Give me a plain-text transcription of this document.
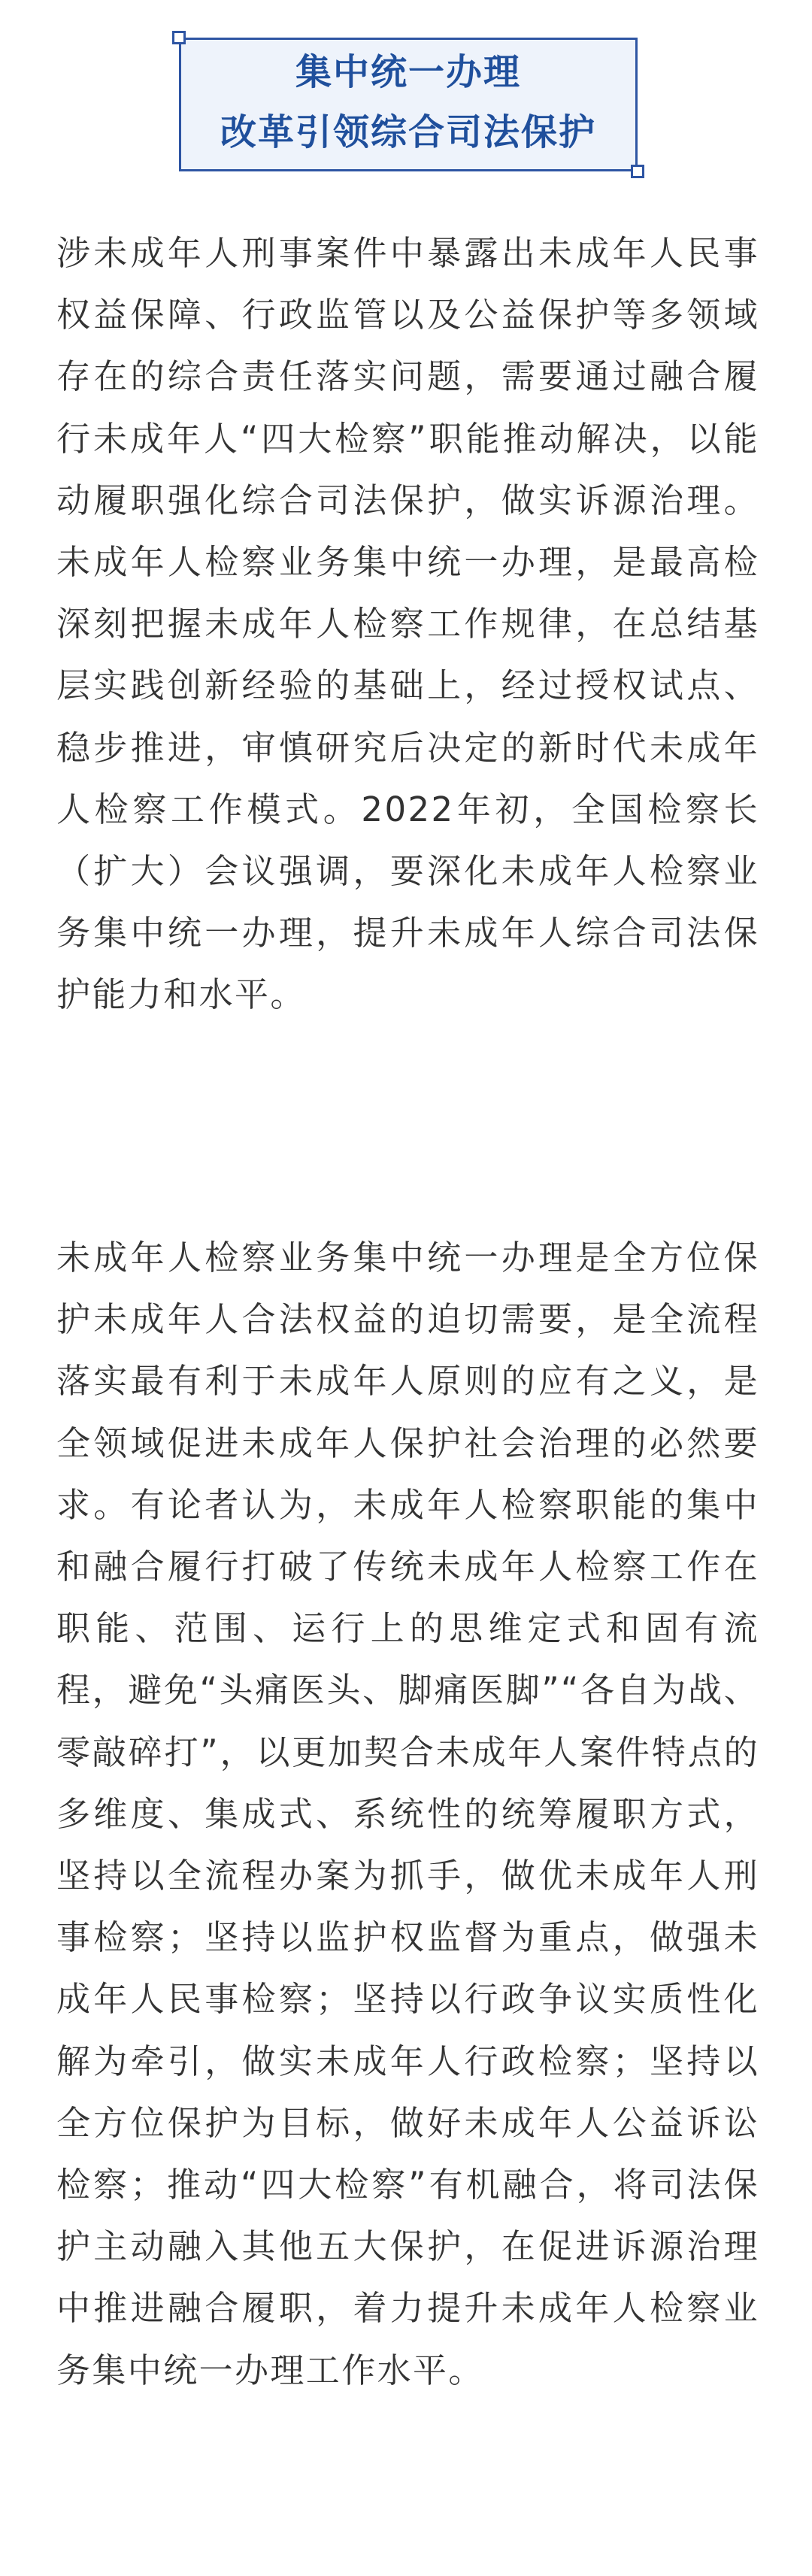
集中统一办理
改革引领综合司法保护

涉未成年人刑事案件中暴露出未成年人民事权益保障、行政监管以及公益保护等多领域存在的综合责任落实问题，需要通过融合履行未成年人“四大检察”职能推动解决，以能动履职强化综合司法保护，做实诉源治理。未成年人检察业务集中统一办理，是最高检深刻把握未成年人检察工作规律，在总结基层实践创新经验的基础上，经过授权试点、稳步推进，审慎研究后决定的新时代未成年人检察工作模式。2022年初，全国检察长（扩大）会议强调，要深化未成年人检察业务集中统一办理，提升未成年人综合司法保护能力和水平。

未成年人检察业务集中统一办理是全方位保护未成年人合法权益的迫切需要，是全流程落实最有利于未成年人原则的应有之义，是全领域促进未成年人保护社会治理的必然要求。有论者认为，未成年人检察职能的集中和融合履行打破了传统未成年人检察工作在职能、范围、运行上的思维定式和固有流程，避免“头痛医头、脚痛医脚”“各自为战、零敲碎打”，以更加契合未成年人案件特点的多维度、集成式、系统性的统筹履职方式，坚持以全流程办案为抓手，做优未成年人刑事检察；坚持以监护权监督为重点，做强未成年人民事检察；坚持以行政争议实质性化解为牵引，做实未成年人行政检察；坚持以全方位保护为目标，做好未成年人公益诉讼检察；推动“四大检察”有机融合，将司法保护主动融入其他五大保护，在促进诉源治理中推进融合履职，着力提升未成年人检察业务集中统一办理工作水平。
